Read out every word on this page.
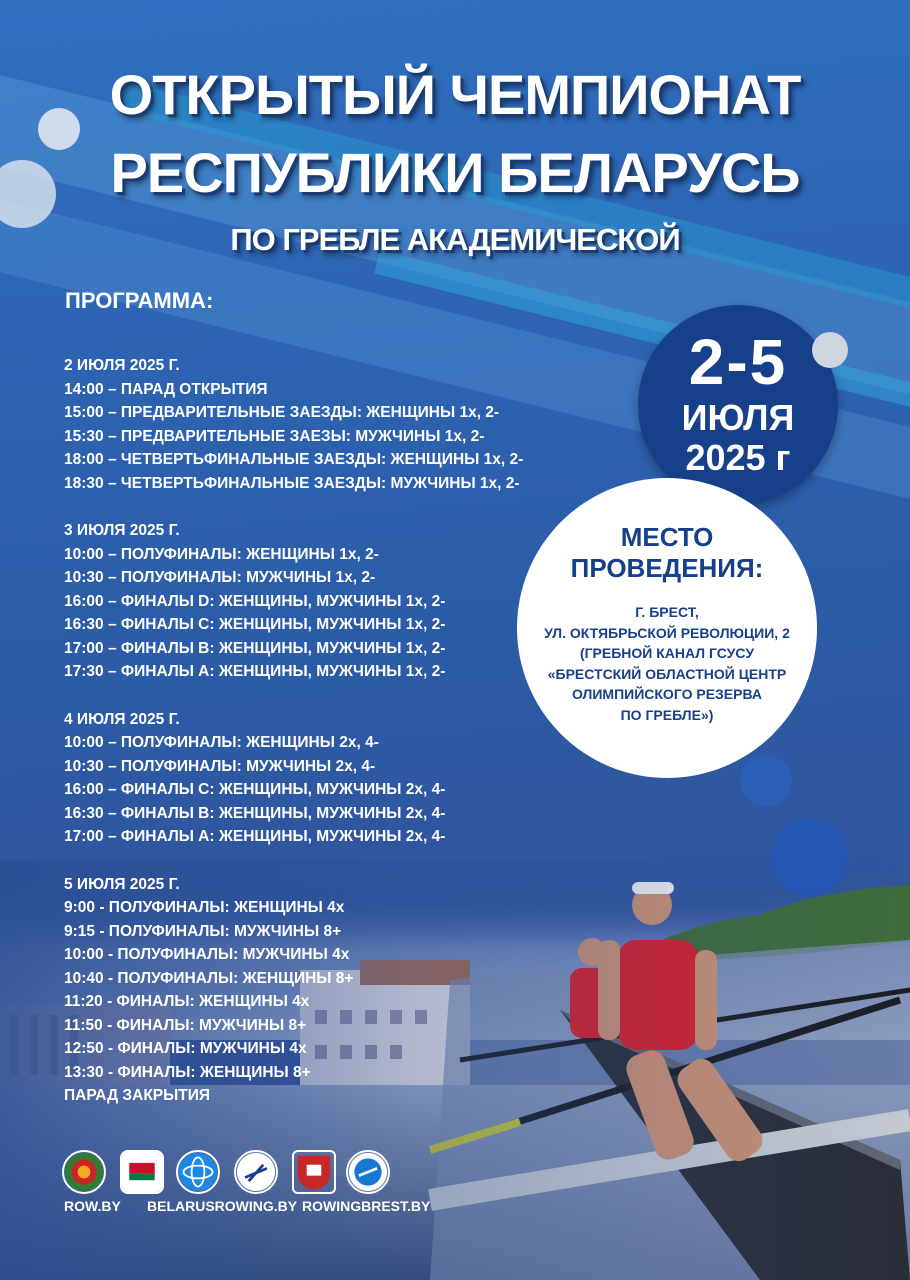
ОТКРЫТЫЙ ЧЕМПИОНАТ
РЕСПУБЛИКИ БЕЛАРУСЬ
ПО ГРЕБЛЕ АКАДЕМИЧЕСКОЙ
ПРОГРАММА:
2 ИЮЛЯ 2025 Г.
14:00 – ПАРАД ОТКРЫТИЯ
15:00 – ПРЕДВАРИТЕЛЬНЫЕ ЗАЕЗДЫ: ЖЕНЩИНЫ 1х, 2-
15:30 – ПРЕДВАРИТЕЛЬНЫЕ ЗАЕЗЫ: МУЖЧИНЫ 1х, 2-
18:00 – ЧЕТВЕРТЬФИНАЛЬНЫЕ ЗАЕЗДЫ: ЖЕНЩИНЫ 1х, 2-
18:30 – ЧЕТВЕРТЬФИНАЛЬНЫЕ ЗАЕЗДЫ: МУЖЧИНЫ 1х, 2-
3 ИЮЛЯ 2025 Г.
10:00 – ПОЛУФИНАЛЫ: ЖЕНЩИНЫ 1х, 2-
10:30 – ПОЛУФИНАЛЫ: МУЖЧИНЫ 1х, 2-
16:00 – ФИНАЛЫ D: ЖЕНЩИНЫ, МУЖЧИНЫ 1х, 2-
16:30 – ФИНАЛЫ C: ЖЕНЩИНЫ, МУЖЧИНЫ 1х, 2-
17:00 – ФИНАЛЫ B: ЖЕНЩИНЫ, МУЖЧИНЫ 1х, 2-
17:30 – ФИНАЛЫ A: ЖЕНЩИНЫ, МУЖЧИНЫ 1х, 2-
4 ИЮЛЯ 2025 Г.
10:00 – ПОЛУФИНАЛЫ: ЖЕНЩИНЫ 2х, 4-
10:30 – ПОЛУФИНАЛЫ: МУЖЧИНЫ 2х, 4-
16:00 – ФИНАЛЫ C: ЖЕНЩИНЫ, МУЖЧИНЫ 2х, 4-
16:30 – ФИНАЛЫ B: ЖЕНЩИНЫ, МУЖЧИНЫ 2х, 4-
17:00 – ФИНАЛЫ A: ЖЕНЩИНЫ, МУЖЧИНЫ 2х, 4-
5 ИЮЛЯ 2025 Г.
9:00 - ПОЛУФИНАЛЫ: ЖЕНЩИНЫ 4х
9:15 - ПОЛУФИНАЛЫ: МУЖЧИНЫ 8+
10:00 - ПОЛУФИНАЛЫ: МУЖЧИНЫ 4х
10:40 - ПОЛУФИНАЛЫ: ЖЕНЩИНЫ 8+
11:20 - ФИНАЛЫ: ЖЕНЩИНЫ 4х
11:50 - ФИНАЛЫ: МУЖЧИНЫ 8+
12:50 - ФИНАЛЫ: МУЖЧИНЫ 4х
13:30 - ФИНАЛЫ: ЖЕНЩИНЫ 8+
ПАРАД ЗАКРЫТИЯ
2-5
ИЮЛЯ
2025 г
МЕСТО
ПРОВЕДЕНИЯ:
Г. БРЕСТ,
УЛ. ОКТЯБРЬСКОЙ РЕВОЛЮЦИИ, 2
(ГРЕБНОЙ КАНАЛ ГСУСУ
«БРЕСТСКИЙ ОБЛАСТНОЙ ЦЕНТР
ОЛИМПИЙСКОГО РЕЗЕРВА
ПО ГРЕБЛЕ»)
ROW.BY BELARUSROWING.BY ROWINGBREST.BY
